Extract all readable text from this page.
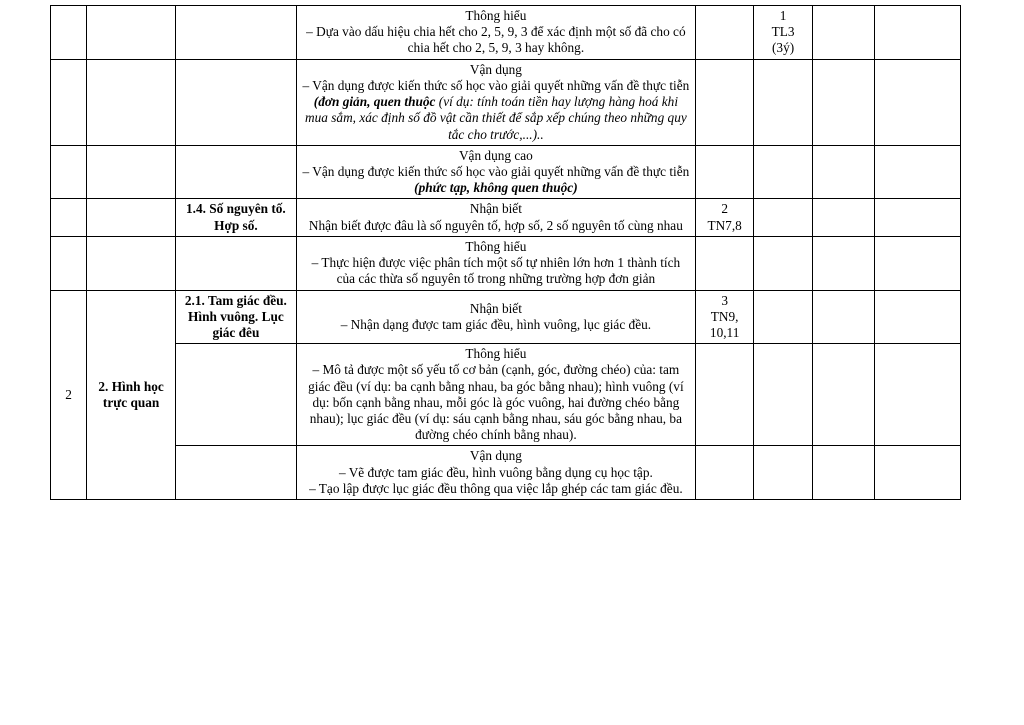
			Thông hiểu
– Dựa vào dấu hiệu chia hết cho 2, 5, 9, 3 để xác định một số đã cho có chia hết cho 2, 5, 9, 3 hay không.		1
TL3
(3ý)		

			Vận dụng
– Vận dụng được kiến thức số học vào giải quyết những vấn đề thực tiễn (đơn giản, quen thuộc (ví dụ: tính toán tiền hay lượng hàng hoá khi mua sắm, xác định số đồ vật cần thiết để sắp xếp chúng theo những quy tắc cho trước,...)..				

			Vận dụng cao
– Vận dụng được kiến thức số học vào giải quyết những vấn đề thực tiễn (phức tạp, không quen thuộc)				

		1.4. Số nguyên tố. Hợp số.	Nhận biết
Nhận biết được đâu là số nguyên tố, hợp số, 2 số nguyên tố cùng nhau	2
TN7,8			

			Thông hiểu
– Thực hiện được việc phân tích một số tự nhiên lớn hơn 1 thành tích của các thừa số nguyên tố trong những trường hợp đơn giản				

2	2. Hình học trực quan	2.1. Tam giác đều. Hình vuông. Lục giác đêu	Nhận biết
– Nhận dạng được tam giác đều, hình vuông, lục giác đều.	3
TN9,
10,11			

			Thông hiểu
– Mô tả được một số yếu tố cơ bản (cạnh, góc, đường chéo) của: tam giác đều (ví dụ: ba cạnh bằng nhau, ba góc bằng nhau); hình vuông (ví dụ: bốn cạnh bằng nhau, mỗi góc là góc vuông, hai đường chéo bằng nhau); lục giác đều (ví dụ: sáu cạnh bằng nhau, sáu góc bằng nhau, ba đường chéo chính bằng nhau).				

			Vận dụng
– Vẽ được tam giác đều, hình vuông bằng dụng cụ học tập.
– Tạo lập được lục giác đều thông qua việc lắp ghép các tam giác đều.				
